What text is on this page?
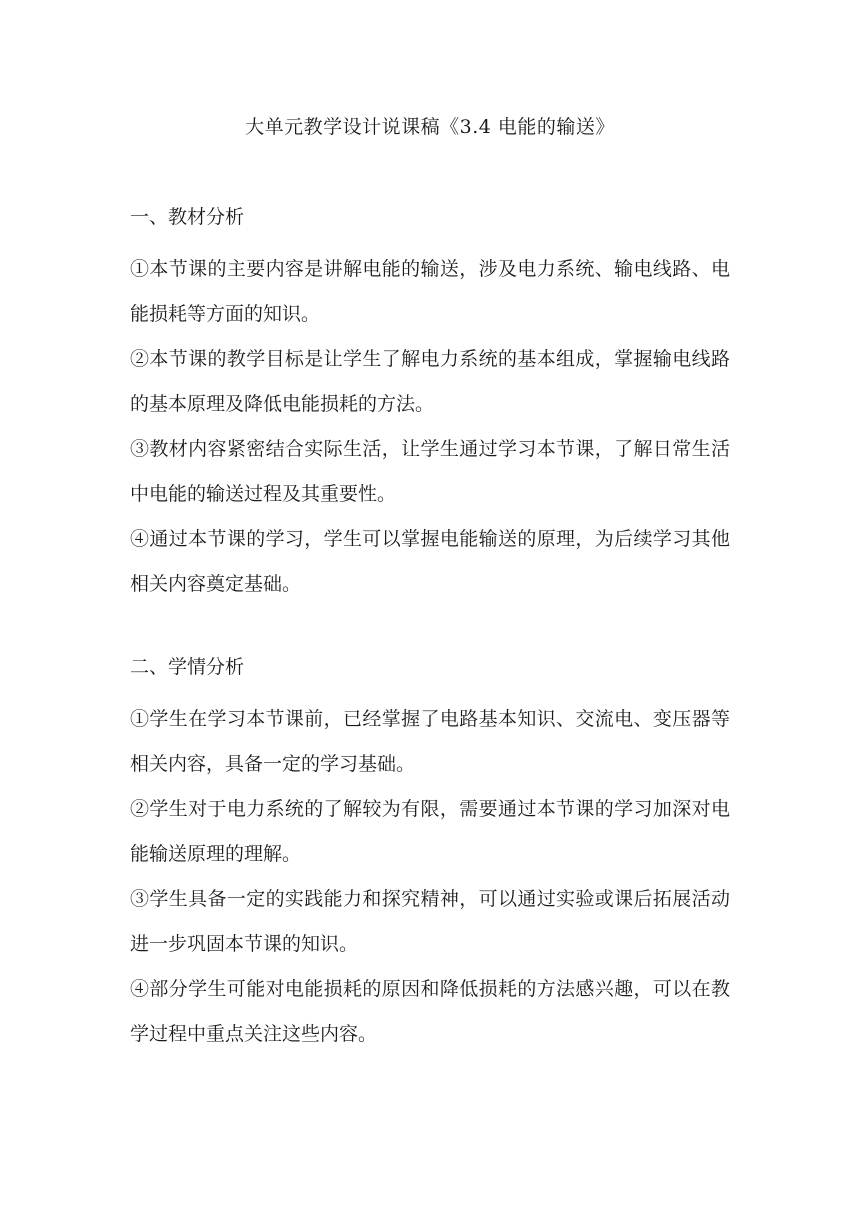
大单元教学设计说课稿《3.4 电能的输送》
一、教材分析

①本节课的主要内容是讲解电能的输送，涉及电力系统、输电线路、电能损耗等方面的知识。

②本节课的教学目标是让学生了解电力系统的基本组成，掌握输电线路的基本原理及降低电能损耗的方法。

③教材内容紧密结合实际生活，让学生通过学习本节课，了解日常生活中电能的输送过程及其重要性。

④通过本节课的学习，学生可以掌握电能输送的原理，为后续学习其他相关内容奠定基础。

二、学情分析

①学生在学习本节课前，已经掌握了电路基本知识、交流电、变压器等相关内容，具备一定的学习基础。

②学生对于电力系统的了解较为有限，需要通过本节课的学习加深对电能输送原理的理解。

③学生具备一定的实践能力和探究精神，可以通过实验或课后拓展活动进一步巩固本节课的知识。

④部分学生可能对电能损耗的原因和降低损耗的方法感兴趣，可以在教学过程中重点关注这些内容。
